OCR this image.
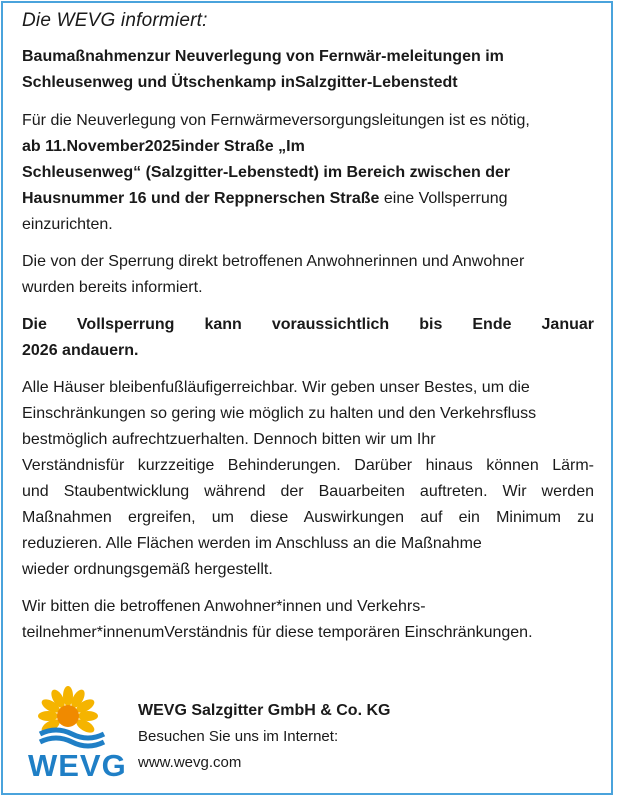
Die WEVG informiert:
Baumaßnahmenzur Neuverlegung von Fernwär-meleitungen im
Schleusenweg und Ütschenkamp inSalzgitter-Lebenstedt

Für die Neuverlegung von Fernwärmeversorgungsleitungen ist es nötig,
ab 11.November2025inder Straße „Im
Schleusenweg“ (Salzgitter-Lebenstedt) im Bereich zwischen der
Hausnummer 16 und der Reppnerschen Straße eine Vollsperrung
einzurichten.

Die von der Sperrung direkt betroffenen Anwohnerinnen und Anwohner
wurden bereits informiert.

Die Vollsperrung kann voraussichtlich bis Ende Januar
2026 andauern.

Alle Häuser bleibenfußläufigerreichbar. Wir geben unser Bestes, um die
Einschränkungen so gering wie möglich zu halten und den Verkehrsfluss
bestmöglich aufrechtzuerhalten. Dennoch bitten wir um Ihr

Verständnisfür kurzzeitige Behinderungen. Darüber hinaus können Lärm-
und Staubentwicklung während der Bauarbeiten auftreten. Wir werden
Maßnahmen ergreifen, um diese Auswirkungen auf ein Minimum zu
reduzieren. Alle Flächen werden im Anschluss an die Maßnahme
wieder ordnungsgemäß hergestellt.

Wir bitten die betroffenen Anwohner*innen und Verkehrs-
teilnehmer*innenumVerständnis für diese temporären Einschränkungen.

WEVG
WEVG Salzgitter GmbH & Co. KG
Besuchen Sie uns im Internet:
www.wevg.com
